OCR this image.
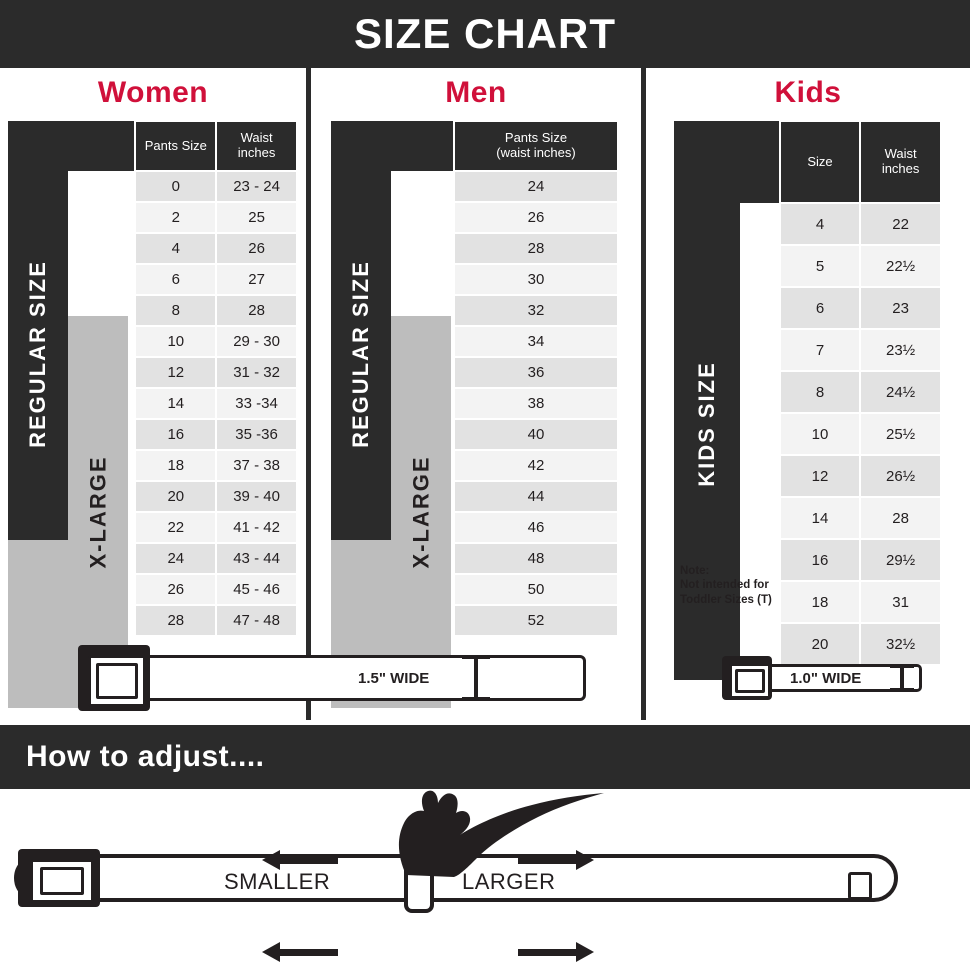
SIZE CHART
Women
REGULAR SIZE
X-LARGE
	Pants Size	Waist
inches
	0	23 - 24
	2	25
	4	26
	6	27
	8	28
	10	29 - 30
	12	31 - 32
	14	33 -34
	16	35 -36
	18	37 - 38
	20	39 - 40
	22	41 - 42
	24	43 - 44
	26	45 - 46
	28	47 - 48
Men
REGULAR SIZE
X-LARGE
	Pants Size
(waist inches)
	24
	26
	28
	30
	32
	34
	36
	38
	40
	42
	44
	46
	48
	50
	52
Kids
KIDS SIZE
Note:
Not intended for
Toddler Sizes (T)
	Size	Waist
inches
	4	22
	5	22½
	6	23
	7	23½
	8	24½
	10	25½
	12	26½
	14	28
	16	29½
	18	31
	20	32½
1.5" WIDE	1.0" WIDE
How to adjust....
SMALLER	LARGER
